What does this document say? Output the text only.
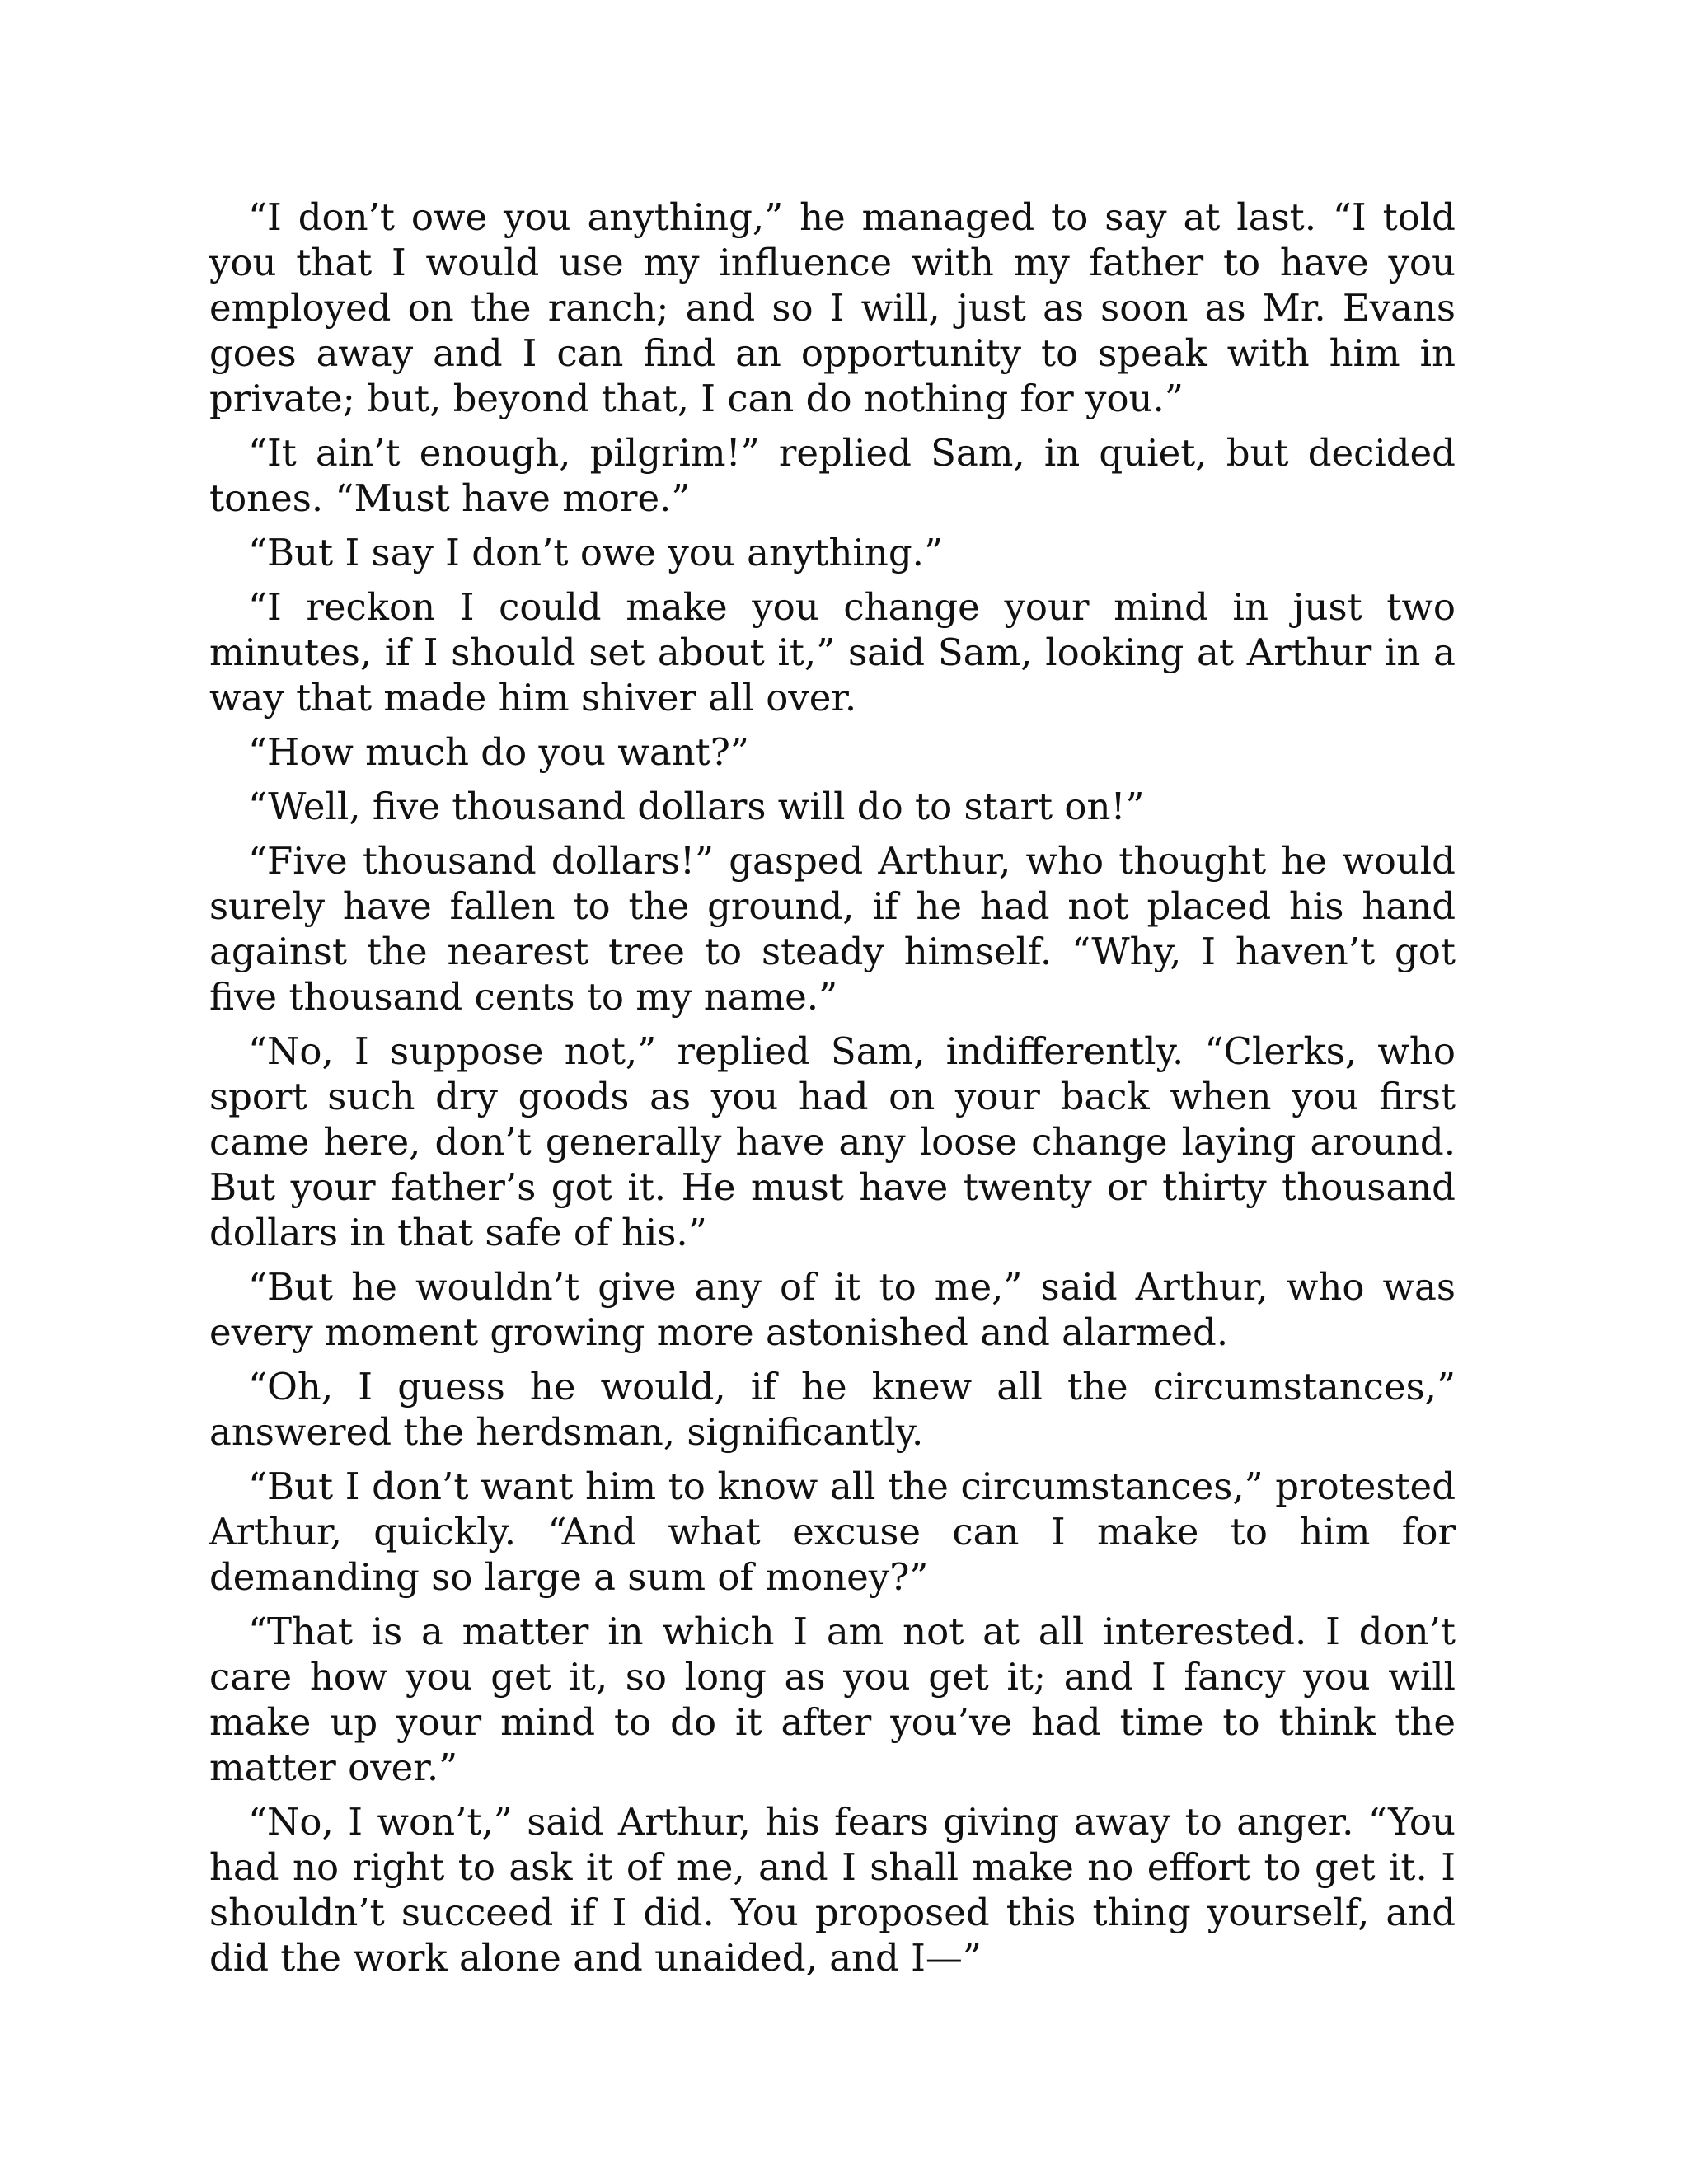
“I don’t owe you anything,” he managed to say at last. “I told you that I would use my influence with my father to have you employed on the ranch; and so I will, just as soon as Mr. Evans goes away and I can find an opportunity to speak with him in private; but, beyond that, I can do nothing for you.”

“It ain’t enough, pilgrim!” replied Sam, in quiet, but decided tones. “Must have more.”

“But I say I don’t owe you anything.”

“I reckon I could make you change your mind in just two minutes, if I should set about it,” said Sam, looking at Arthur in a way that made him shiver all over.

“How much do you want?”

“Well, five thousand dollars will do to start on!”

“Five thousand dollars!” gasped Arthur, who thought he would surely have fallen to the ground, if he had not placed his hand against the nearest tree to steady himself. “Why, I haven’t got five thousand cents to my name.”

“No, I suppose not,” replied Sam, indifferently. “Clerks, who sport such dry goods as you had on your back when you first came here, don’t generally have any loose change laying around. But your father’s got it. He must have twenty or thirty thousand dollars in that safe of his.”

“But he wouldn’t give any of it to me,” said Arthur, who was every moment growing more astonished and alarmed.

“Oh, I guess he would, if he knew all the circumstances,” answered the herdsman, significantly.

“But I don’t want him to know all the circumstances,” protested Arthur, quickly. “And what excuse can I make to him for demanding so large a sum of money?”

“That is a matter in which I am not at all interested. I don’t care how you get it, so long as you get it; and I fancy you will make up your mind to do it after you’ve had time to think the matter over.”

“No, I won’t,” said Arthur, his fears giving away to anger. “You had no right to ask it of me, and I shall make no effort to get it. I shouldn’t succeed if I did. You proposed this thing yourself, and did the work alone and unaided, and I—”
